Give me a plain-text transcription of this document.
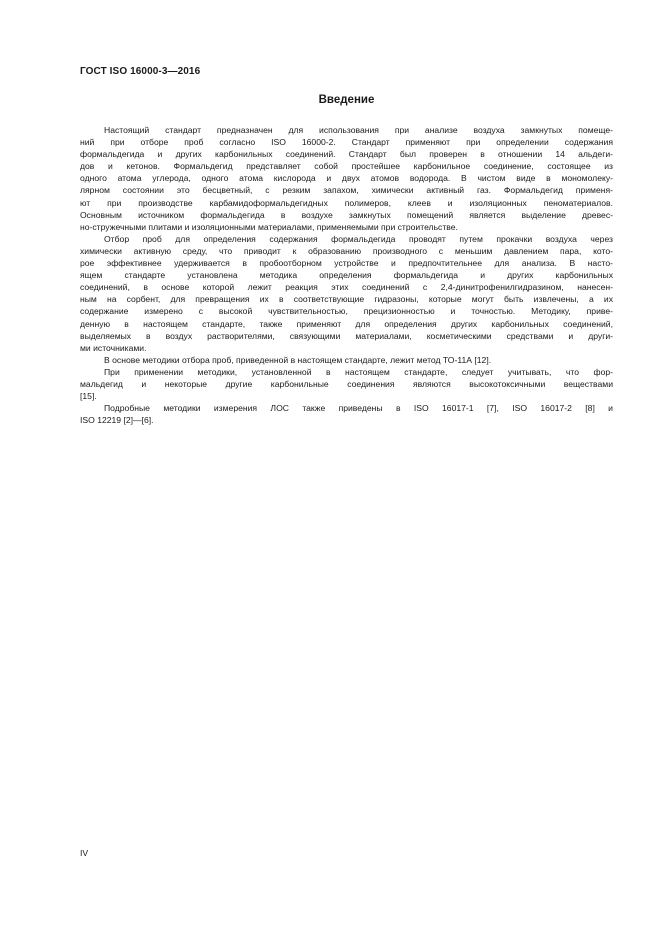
ГОСТ ISO 16000-3—2016
Введение

Настоящий стандарт предназначен для использования при анализе воздуха замкнутых помеще-
ний при отборе проб согласно ISO 16000-2. Стандарт применяют при определении содержания
формальдегида и других карбонильных соединений. Стандарт был проверен в отношении 14 альдеги-
дов и кетонов. Формальдегид представляет собой простейшее карбонильное соединение, состоящее из
одного атома углерода, одного атома кислорода и двух атомов водорода. В чистом виде в мономолеку-
лярном состоянии это бесцветный, с резким запахом, химически активный газ. Формальдегид применя-
ют при производстве карбамидоформальдегидных полимеров, клеев и изоляционных пеноматериалов.
Основным источником формальдегида в воздухе замкнутых помещений является выделение древес-
но-стружечными плитами и изоляционными материалами, применяемыми при строительстве.

Отбор проб для определения содержания формальдегида проводят путем прокачки воздуха через
химически активную среду, что приводит к образованию производного с меньшим давлением пара, кото-
рое эффективнее удерживается в пробоотборном устройстве и предпочтительнее для анализа. В насто-
ящем стандарте установлена методика определения формальдегида и других карбонильных
соединений, в основе которой лежит реакция этих соединений с 2,4-динитрофенилгидразином, нанесен-
ным на сорбент, для превращения их в соответствующие гидразоны, которые могут быть извлечены, а их
содержание измерено с высокой чувствительностью, прецизионностью и точностью. Методику, приве-
денную в настоящем стандарте, также применяют для определения других карбонильных соединений,
выделяемых в воздух растворителями, связующими материалами, косметическими средствами и други-
ми источниками.

В основе методики отбора проб, приведенной в настоящем стандарте, лежит метод ТО-11А [12].

При применении методики, установленной в настоящем стандарте, следует учитывать, что фор-
мальдегид и некоторые другие карбонильные соединения являются высокотоксичными веществами
[15].

Подробные методики измерения ЛОС также приведены в ISO 16017-1 [7], ISO 16017-2 [8] и
ISO 12219 [2]—[6].

IV
